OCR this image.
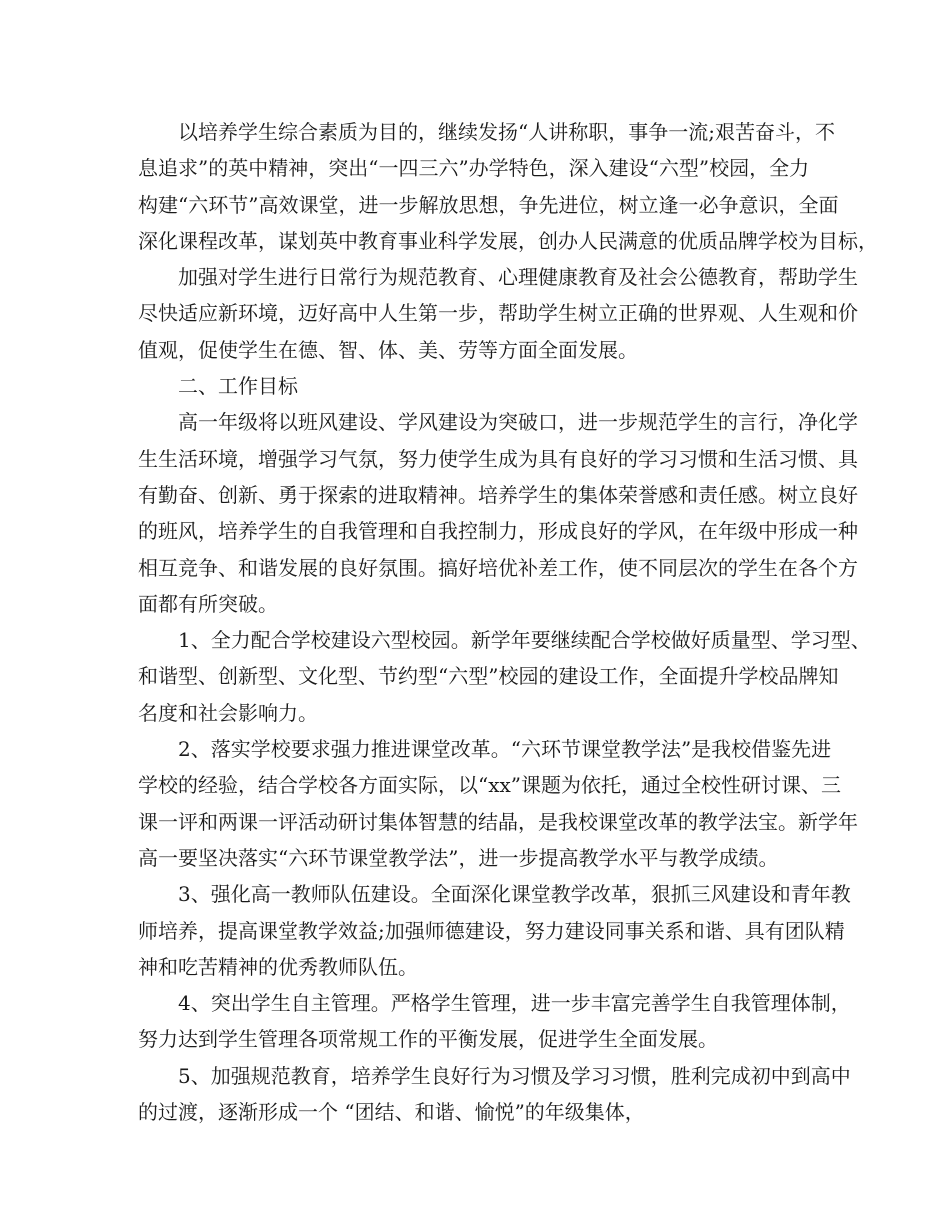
以培养学生综合素质为目的，继续发扬“人讲称职，事争一流;艰苦奋斗，不
息追求”的英中精神，突出“一四三六”办学特色，深入建设“六型”校园，全力
构建“六环节”高效课堂，进一步解放思想，争先进位，树立逢一必争意识，全面
深化课程改革，谋划英中教育事业科学发展，创办人民满意的优质品牌学校为目标，
加强对学生进行日常行为规范教育、心理健康教育及社会公德教育，帮助学生
尽快适应新环境，迈好高中人生第一步，帮助学生树立正确的世界观、人生观和价
值观，促使学生在德、智、体、美、劳等方面全面发展。
二、工作目标
高一年级将以班风建设、学风建设为突破口，进一步规范学生的言行，净化学
生生活环境，增强学习气氛，努力使学生成为具有良好的学习习惯和生活习惯、具
有勤奋、创新、勇于探索的进取精神。培养学生的集体荣誉感和责任感。树立良好
的班风，培养学生的自我管理和自我控制力，形成良好的学风，在年级中形成一种
相互竞争、和谐发展的良好氛围。搞好培优补差工作，使不同层次的学生在各个方
面都有所突破。
1、全力配合学校建设六型校园。新学年要继续配合学校做好质量型、学习型、
和谐型、创新型、文化型、节约型“六型”校园的建设工作，全面提升学校品牌知
名度和社会影响力。
2、落实学校要求强力推进课堂改革。“六环节课堂教学法”是我校借鉴先进
学校的经验，结合学校各方面实际，以“xx”课题为依托，通过全校性研讨课、三
课一评和两课一评活动研讨集体智慧的结晶，是我校课堂改革的教学法宝。新学年
高一要坚决落实“六环节课堂教学法”，进一步提高教学水平与教学成绩。
3、强化高一教师队伍建设。全面深化课堂教学改革，狠抓三风建设和青年教
师培养，提高课堂教学效益;加强师德建设，努力建设同事关系和谐、具有团队精
神和吃苦精神的优秀教师队伍。
4、突出学生自主管理。严格学生管理，进一步丰富完善学生自我管理体制，
努力达到学生管理各项常规工作的平衡发展，促进学生全面发展。
5、加强规范教育，培养学生良好行为习惯及学习习惯，胜利完成初中到高中
的过渡，逐渐形成一个 “团结、和谐、愉悦”的年级集体，
